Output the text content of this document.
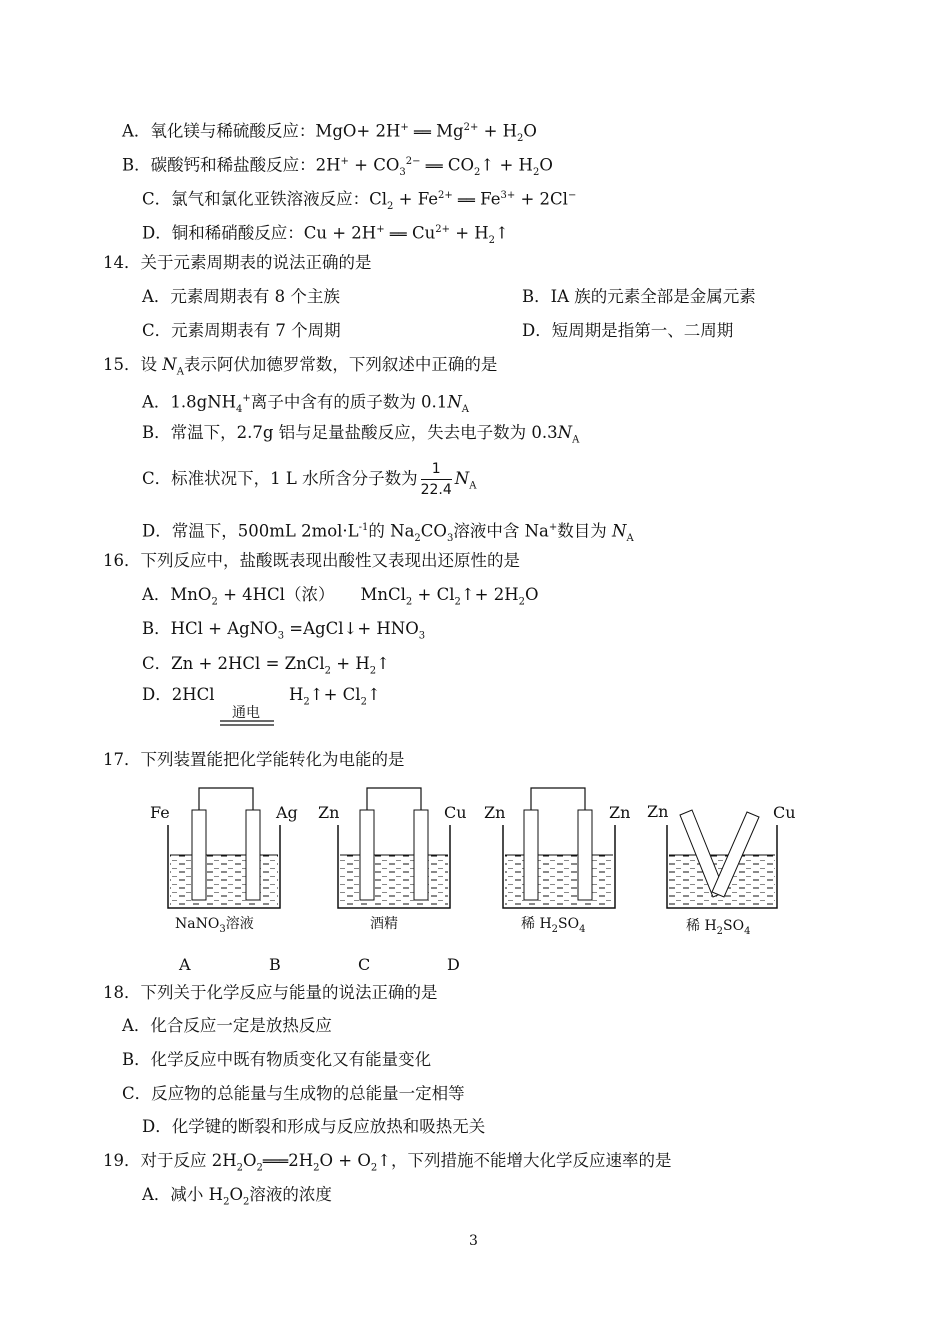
A．氧化镁与稀硫酸反应：MgO+ 2H+ ══ $Mg^{2+} + H_2O$
B．碳酸钙和稀盐酸反应：$2H^+ + CO_3^{2-}$ ══ $CO_2↑ + H_2O$
C．氯气和氯化亚铁溶液反应：$Cl_2 + Fe^{2+}$ ══ $Fe^{3+} + 2Cl^-$
D．铜和稀硝酸反应：Cu + 2H+ ══ $Cu^{2+}$ + $H_2↑$
14．关于元素周期表的说法正确的是
A．元素周期表有 8 个主族	B．ⅠA 族的元素全部是金属元素
C．元素周期表有 7 个周期	D．短周期是指第一、二周期
15．设 $N_A$表示阿伏加德罗常数，下列叙述中正确的是
A．1.8gNH$_4$+离子中含有的质子数为 $0.1N_A$
B．常温下，2.7g 铝与足量盐酸反应，失去电子数为 $0.3N_A$
C．标准状况下，1 L 水所含分子数为 $\frac{1}{22.4} N_A$
D．常温下，500mL $2mol\cdot L^{-1}$的 $Na_2CO_3$溶液中含 Na+数目为 $N_A$
16．下列反应中，盐酸既表现出酸性又表现出还原性的是
A．MnO$_2$ + 4HCl（浓） MnCl$_2$ + $Cl_2↑+ 2H_2O$
B．HCl + AgNO$_3$ =AgCl↓+ $HNO_3$
C．Zn + 2HCl = ZnCl$_2$ + $H_2↑$
D．2HCl	$H_2↑+$ $Cl_2↑$
通电
17．下列装置能把化学能转化为电能的是
Fe	Ag Zn	Cu Zn	Zn Zn	Cu
NaNO$_3$溶液	酒精	稀 $H_2SO_4$	稀 $H_2SO_4$
A	B	C	D
18．下列关于化学反应与能量的说法正确的是
A．化合反应一定是放热反应
B．化学反应中既有物质变化又有能量变化
C．反应物的总能量与生成物的总能量一定相等
D．化学键的断裂和形成与反应放热和吸热无关
19．对于反应 $2H_2O_2═══2H_2O$ + $O_2↑$，下列措施不能增大化学反应速率的是
A．减小 $H_2O_2$溶液的浓度
3
